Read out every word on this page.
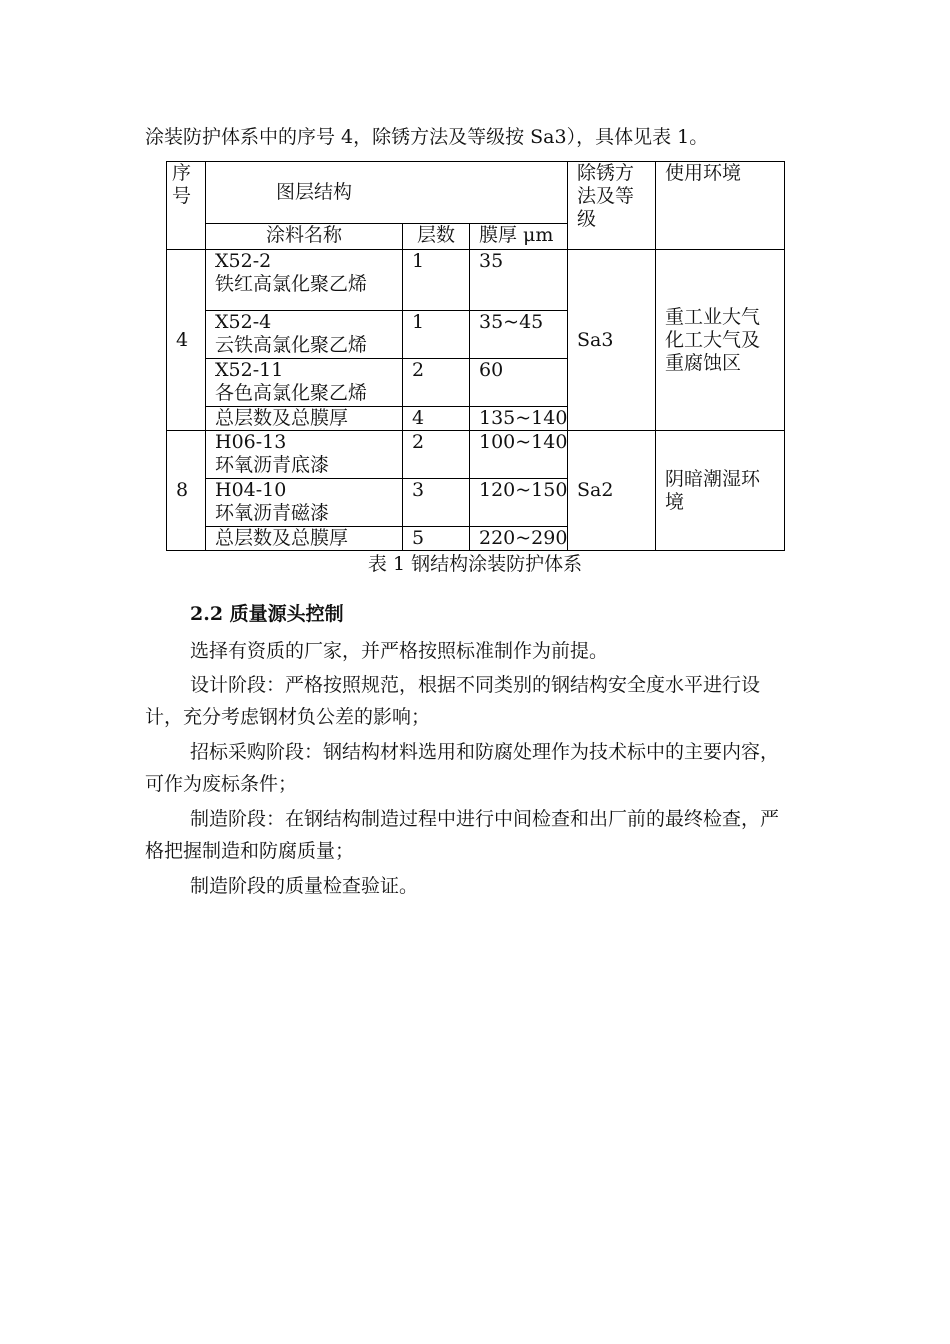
涂装防护体系中的序号 4，除锈方法及等级按 Sa3），具体见表 1。
序号	图层结构			除锈方法及等级	使用环境
	涂料名称	层数	膜厚 μm		
4	X52-2
铁红高氯化聚乙烯	1	35	Sa3	重工业大气化工大气及重腐蚀区

	X52-4
云铁高氯化聚乙烯	1	35~45		

	X52-11
各色高氯化聚乙烯	2	60		
	总层数及总膜厚	4	135~140		
8	H06-13
环氧沥青底漆	2	100~140	Sa2	阴暗潮湿环境

	H04-10
环氧沥青磁漆	3	120~150		
	总层数及总膜厚	5	220~290		
表 1 钢结构涂装防护体系
2.2 质量源头控制
选择有资质的厂家，并严格按照标准制作为前提。
设计阶段：严格按照规范，根据不同类别的钢结构安全度水平进行设计，充分考虑钢材负公差的影响；
招标采购阶段：钢结构材料选用和防腐处理作为技术标中的主要内容，可作为废标条件；
制造阶段：在钢结构制造过程中进行中间检查和出厂前的最终检查，严格把握制造和防腐质量；
制造阶段的质量检查验证。
